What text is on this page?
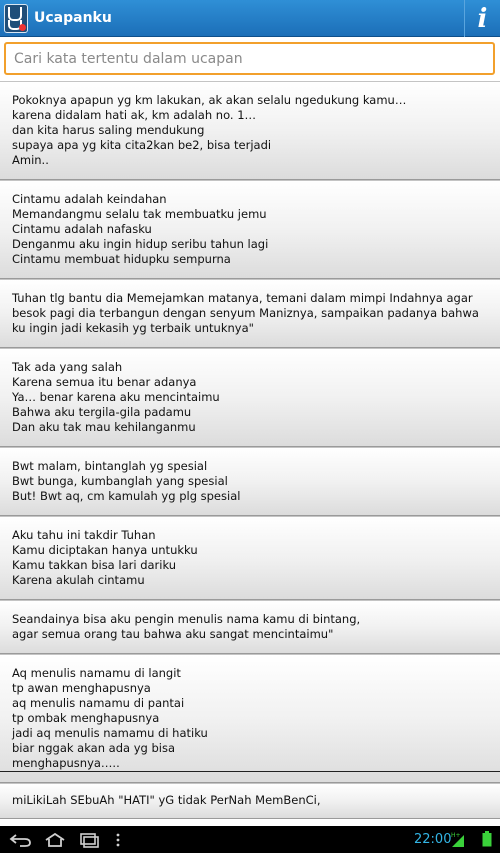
Ucapanku	i
Cari kata tertentu dalam ucapan
Pokoknya apapun yg km lakukan, ak akan selalu ngedukung kamu…
karena didalam hati ak, km adalah no. 1…
dan kita harus saling mendukung
supaya apa yg kita cita2kan be2, bisa terjadi
Amin..
Cintamu adalah keindahan
Memandangmu selalu tak membuatku jemu
Cintamu adalah nafasku
Denganmu aku ingin hidup seribu tahun lagi
Cintamu membuat hidupku sempurna
Tuhan tlg bantu dia Memejamkan matanya, temani dalam mimpi Indahnya agar besok pagi dia terbangun dengan senyum Maniznya, sampaikan padanya bahwa ku ingin jadi kekasih yg terbaik untuknya"
Tak ada yang salah
Karena semua itu benar adanya
Ya… benar karena aku mencintaimu
Bahwa aku tergila-gila padamu
Dan aku tak mau kehilanganmu
Bwt malam, bintanglah yg spesial
Bwt bunga, kumbanglah yang spesial
But! Bwt aq, cm kamulah yg plg spesial
Aku tahu ini takdir Tuhan
Kamu diciptakan hanya untukku
Kamu takkan bisa lari dariku
Karena akulah cintamu
Seandainya bisa aku pengin menulis nama kamu di bintang,
agar semua orang tau bahwa aku sangat mencintaimu"
Aq menulis namamu di langit
tp awan menghapusnya
aq menulis namamu di pantai
tp ombak menghapusnya
jadi aq menulis namamu di hatiku
biar nggak akan ada yg bisa
menghapusnya…..
miLikiLah SEbuAh "HATI" yG tidak PerNah MemBenCi,
22:00 H+
